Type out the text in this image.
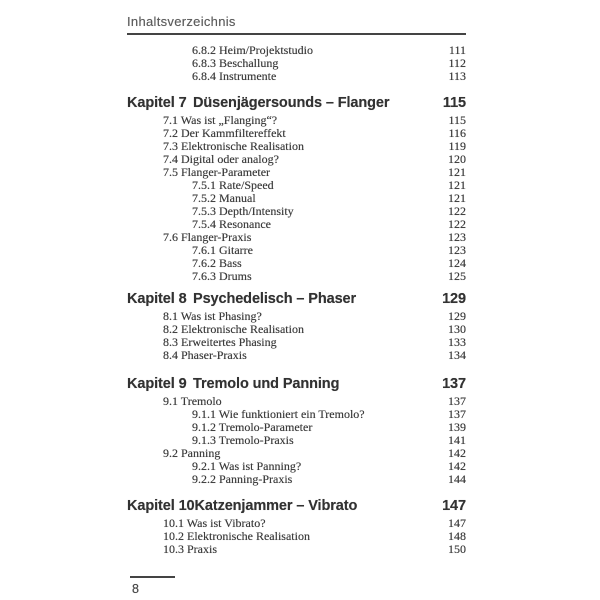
Inhaltsverzeichnis
6.8.2 Heim/Projektstudio	111
6.8.3 Beschallung	112
6.8.4 Instrumente	113
Kapitel 7 Düsenjägersounds – Flanger	115
7.1 Was ist „Flanging“?	115
7.2 Der Kammfiltereffekt	116
7.3 Elektronische Realisation	119
7.4 Digital oder analog?	120
7.5 Flanger-Parameter	121
7.5.1 Rate/Speed	121
7.5.2 Manual	121
7.5.3 Depth/Intensity	122
7.5.4 Resonance	122
7.6 Flanger-Praxis	123
7.6.1 Gitarre	123
7.6.2 Bass	124
7.6.3 Drums	125
Kapitel 8 Psychedelisch – Phaser	129
8.1 Was ist Phasing?	129
8.2 Elektronische Realisation	130
8.3 Erweitertes Phasing	133
8.4 Phaser-Praxis	134
Kapitel 9 Tremolo und Panning	137
9.1 Tremolo	137
9.1.1 Wie funktioniert ein Tremolo?	137
9.1.2 Tremolo-Parameter	139
9.1.3 Tremolo-Praxis	141
9.2 Panning	142
9.2.1 Was ist Panning?	142
9.2.2 Panning-Praxis	144
Kapitel 10 Katzenjammer – Vibrato	147
10.1 Was ist Vibrato?	147
10.2 Elektronische Realisation	148
10.3 Praxis	150
8
